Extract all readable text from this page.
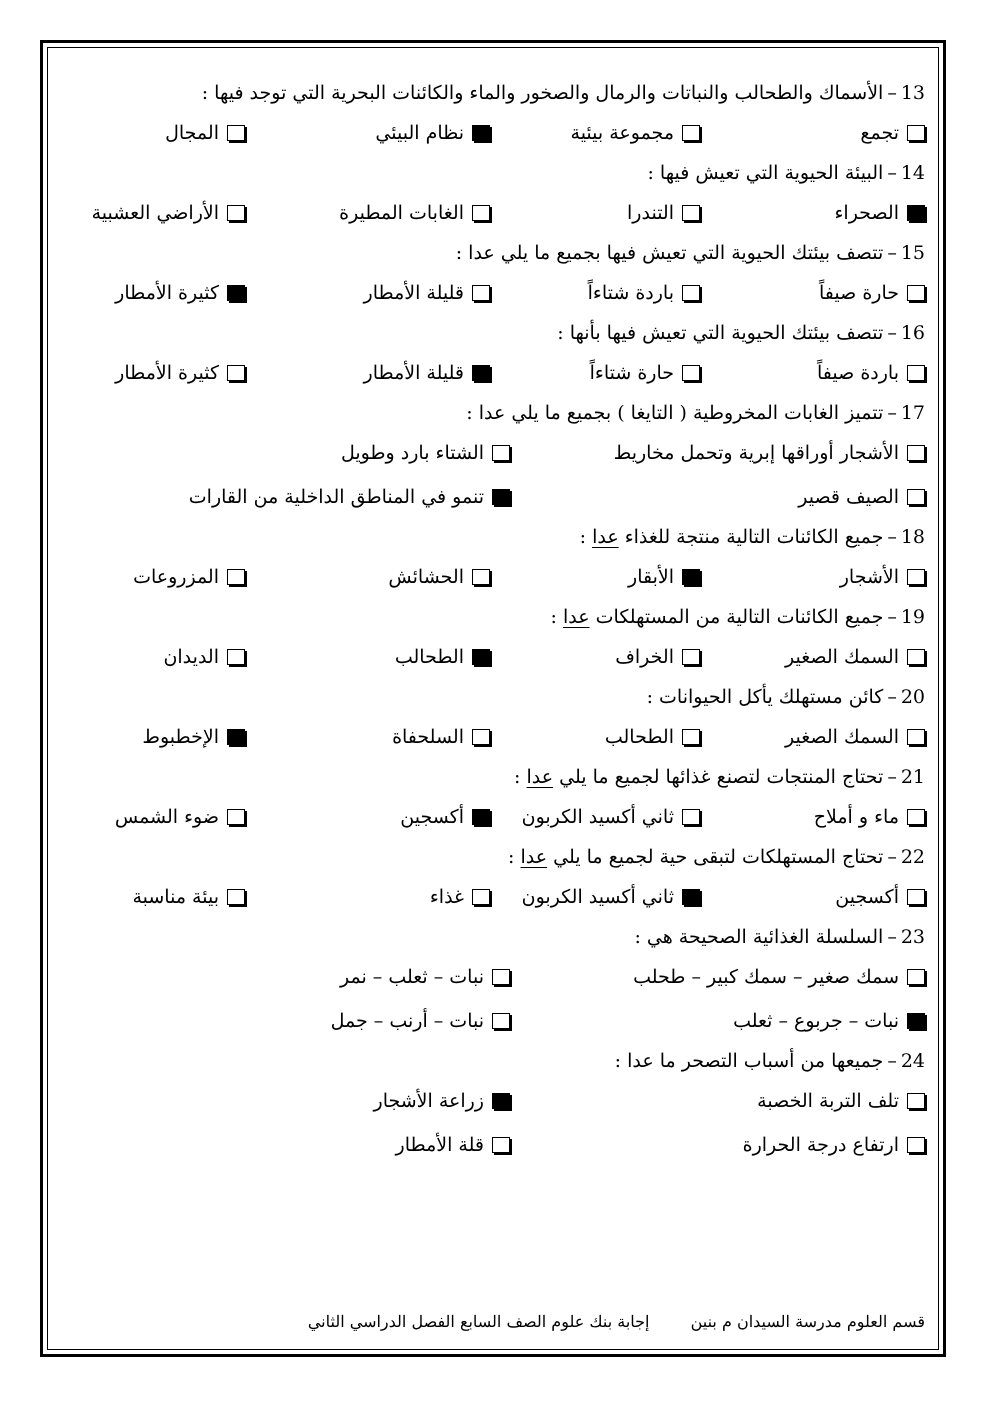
13–الأسماك والطحالب والنباتات والرمال والصخور والماء والكائنات البحرية التي توجد فيها :
تجمع
مجموعة بيئية
نظام البيئي
المجال
14–البيئة الحيوية التي تعيش فيها :
الصحراء
التندرا
الغابات المطيرة
الأراضي العشبية
15–تتصف بيئتك الحيوية التي تعيش فيها بجميع ما يلي عدا :
حارة صيفاً
باردة شتاءاً
قليلة الأمطار
كثيرة الأمطار
16–تتصف بيئتك الحيوية التي تعيش فيها بأنها :
باردة صيفاً
حارة شتاءاً
قليلة الأمطار
كثيرة الأمطار
17–تتميز الغابات المخروطية ( التايغا ) بجميع ما يلي عدا :
الأشجار أوراقها إبرية وتحمل مخاريط
الشتاء بارد وطويل
الصيف قصير
تنمو في المناطق الداخلية من القارات
18–جميع الكائنات التالية منتجة للغذاء عدا :
الأشجار
الأبقار
الحشائش
المزروعات
19–جميع الكائنات التالية من المستهلكات عدا :
السمك الصغير
الخراف
الطحالب
الديدان
20–كائن مستهلك يأكل الحيوانات :
السمك الصغير
الطحالب
السلحفاة
الإخطبوط
21–تحتاج المنتجات لتصنع غذائها لجميع ما يلي عدا :
ماء و أملاح
ثاني أكسيد الكربون
أكسجين
ضوء الشمس
22–تحتاج المستهلكات لتبقى حية لجميع ما يلي عدا :
أكسجين
ثاني أكسيد الكربون
غذاء
بيئة مناسبة
23–السلسلة الغذائية الصحيحة هي :
سمك صغير – سمك كبير – طحلب
نبات – ثعلب – نمر
نبات – جربوع – ثعلب
نبات – أرنب – جمل
24–جميعها من أسباب التصحر ما عدا :
تلف التربة الخصبة
زراعة الأشجار
ارتفاع درجة الحرارة
قلة الأمطار
قسم العلوم مدرسة السيدان م بنين إجابة بنك علوم الصف السابع الفصل الدراسي الثاني
